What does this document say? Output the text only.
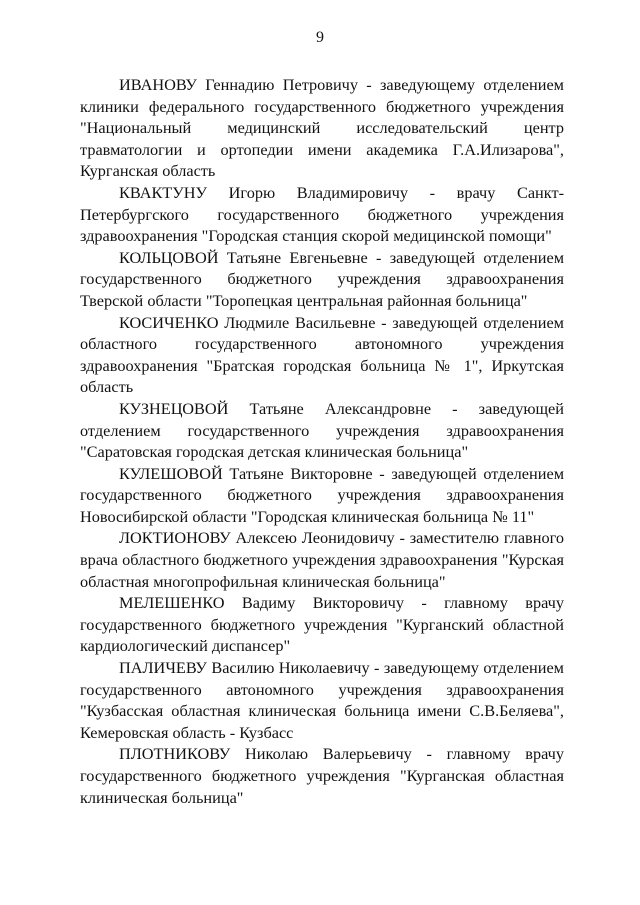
9

ИВАНОВУ Геннадию Петровичу - заведующему отделением клиники федерального государственного бюджетного учреждения "Национальный медицинский исследовательский центр травматологии и ортопедии имени академика Г.А.Илизарова", Курганская область

КВАКТУНУ Игорю Владимировичу - врачу Санкт-Петербургского государственного бюджетного учреждения здравоохранения "Городская станция скорой медицинской помощи"

КОЛЬЦОВОЙ Татьяне Евгеньевне - заведующей отделением государственного бюджетного учреждения здравоохранения Тверской области "Торопецкая центральная районная больница"

КОСИЧЕНКО Людмиле Васильевне - заведующей отделением областного государственного автономного учреждения здравоохранения "Братская городская больница № 1", Иркутская область

КУЗНЕЦОВОЙ Татьяне Александровне - заведующей отделением государственного учреждения здравоохранения "Саратовская городская детская клиническая больница"

КУЛЕШОВОЙ Татьяне Викторовне - заведующей отделением государственного бюджетного учреждения здравоохранения Новосибирской области "Городская клиническая больница № 11"

ЛОКТИОНОВУ Алексею Леонидовичу - заместителю главного врача областного бюджетного учреждения здравоохранения "Курская областная многопрофильная клиническая больница"

МЕЛЕШЕНКО Вадиму Викторовичу - главному врачу государственного бюджетного учреждения "Курганский областной кардиологический диспансер"

ПАЛИЧЕВУ Василию Николаевичу - заведующему отделением государственного автономного учреждения здравоохранения "Кузбасская областная клиническая больница имени С.В.Беляева", Кемеровская область - Кузбасс

ПЛОТНИКОВУ Николаю Валерьевичу - главному врачу государственного бюджетного учреждения "Курганская областная клиническая больница"
